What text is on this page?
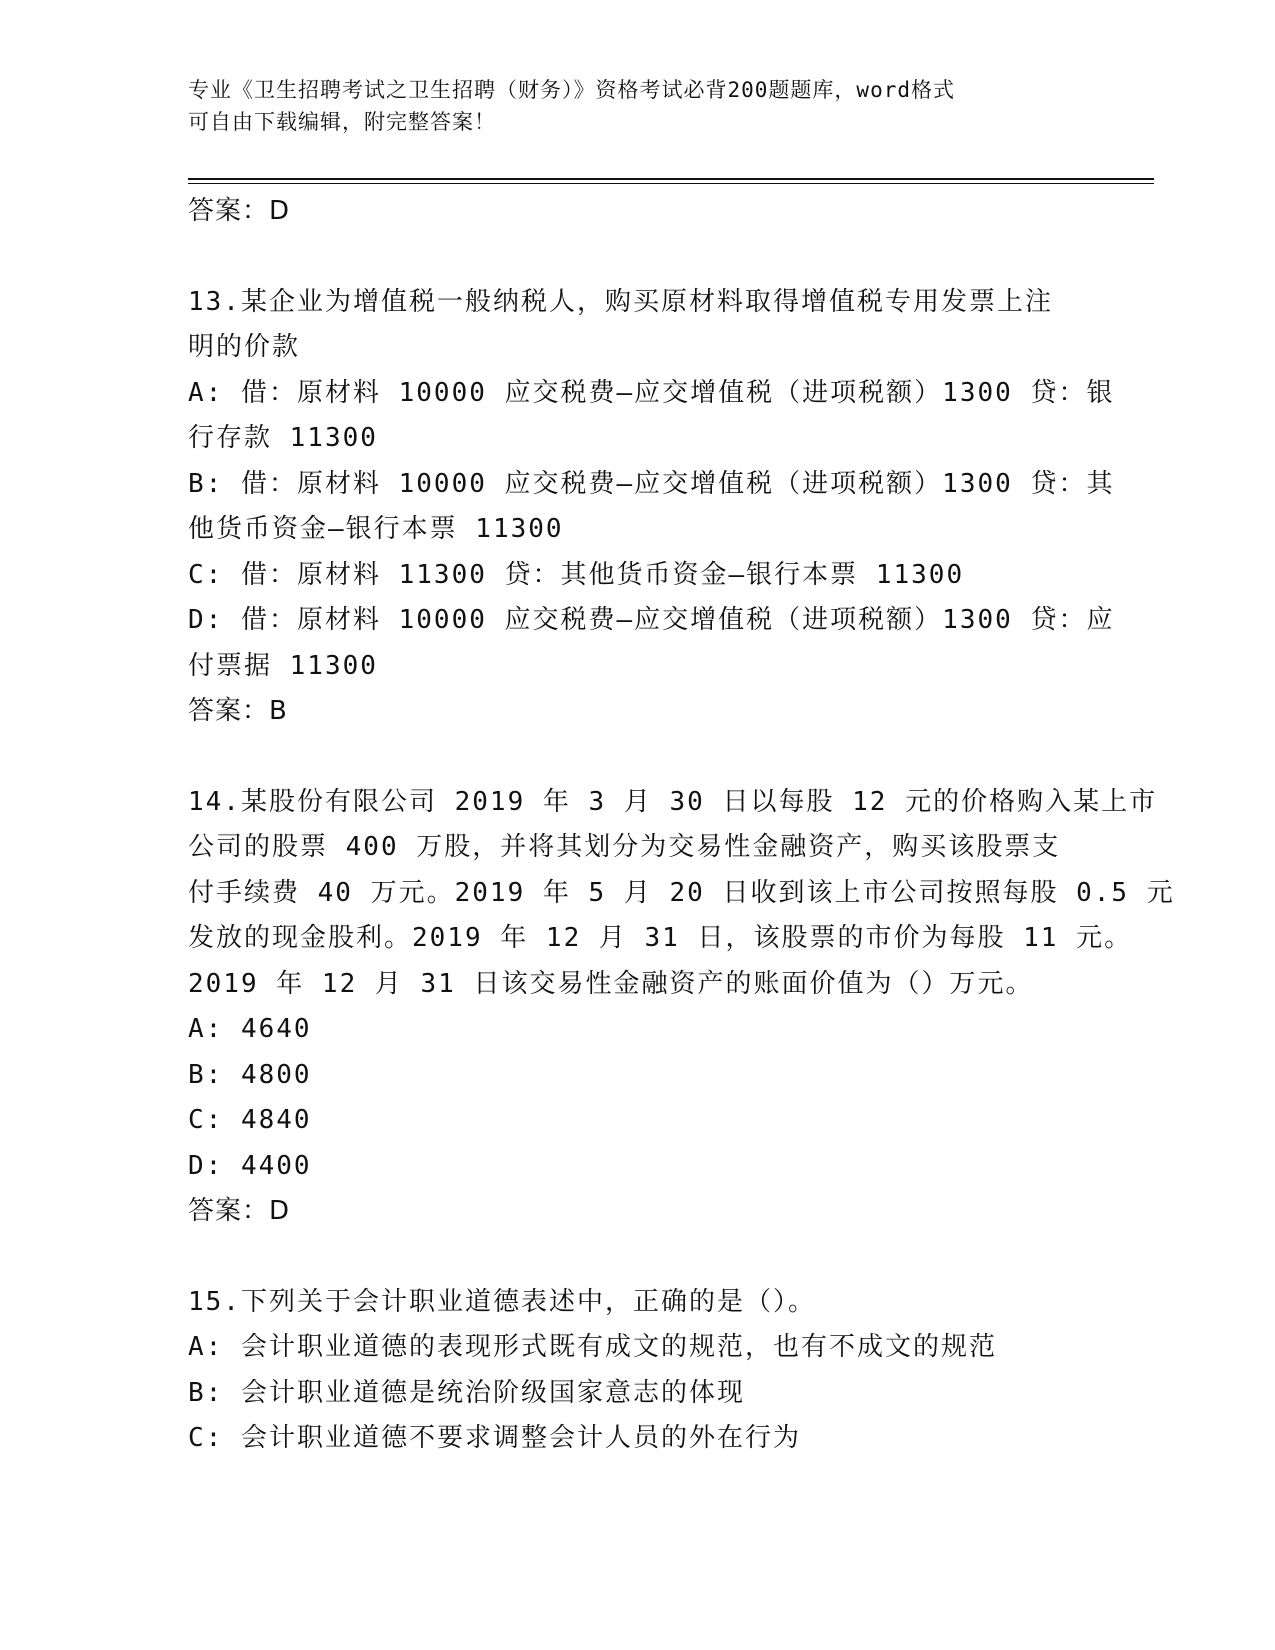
专业《卫生招聘考试之卫生招聘（财务）》资格考试必背200题题库，word格式
可自由下载编辑，附完整答案！
答案：D
13.某企业为增值税一般纳税人，购买原材料取得增值税专用发票上注
明的价款
A: 借：原材料 10000 应交税费—应交增值税（进项税额）1300 贷：银
行存款 11300
B: 借：原材料 10000 应交税费—应交增值税（进项税额）1300 贷：其
他货币资金—银行本票 11300
C: 借：原材料 11300 贷：其他货币资金—银行本票 11300
D: 借：原材料 10000 应交税费—应交增值税（进项税额）1300 贷：应
付票据 11300
答案：B
14.某股份有限公司 2019 年 3 月 30 日以每股 12 元的价格购入某上市
公司的股票 400 万股，并将其划分为交易性金融资产，购买该股票支
付手续费 40 万元。2019 年 5 月 20 日收到该上市公司按照每股 0.5 元
发放的现金股利。2019 年 12 月 31 日，该股票的市价为每股 11 元。
2019 年 12 月 31 日该交易性金融资产的账面价值为（）万元。
A: 4640
B: 4800
C: 4840
D: 4400
答案：D
15.下列关于会计职业道德表述中，正确的是（）。
A: 会计职业道德的表现形式既有成文的规范，也有不成文的规范
B: 会计职业道德是统治阶级国家意志的体现
C: 会计职业道德不要求调整会计人员的外在行为
